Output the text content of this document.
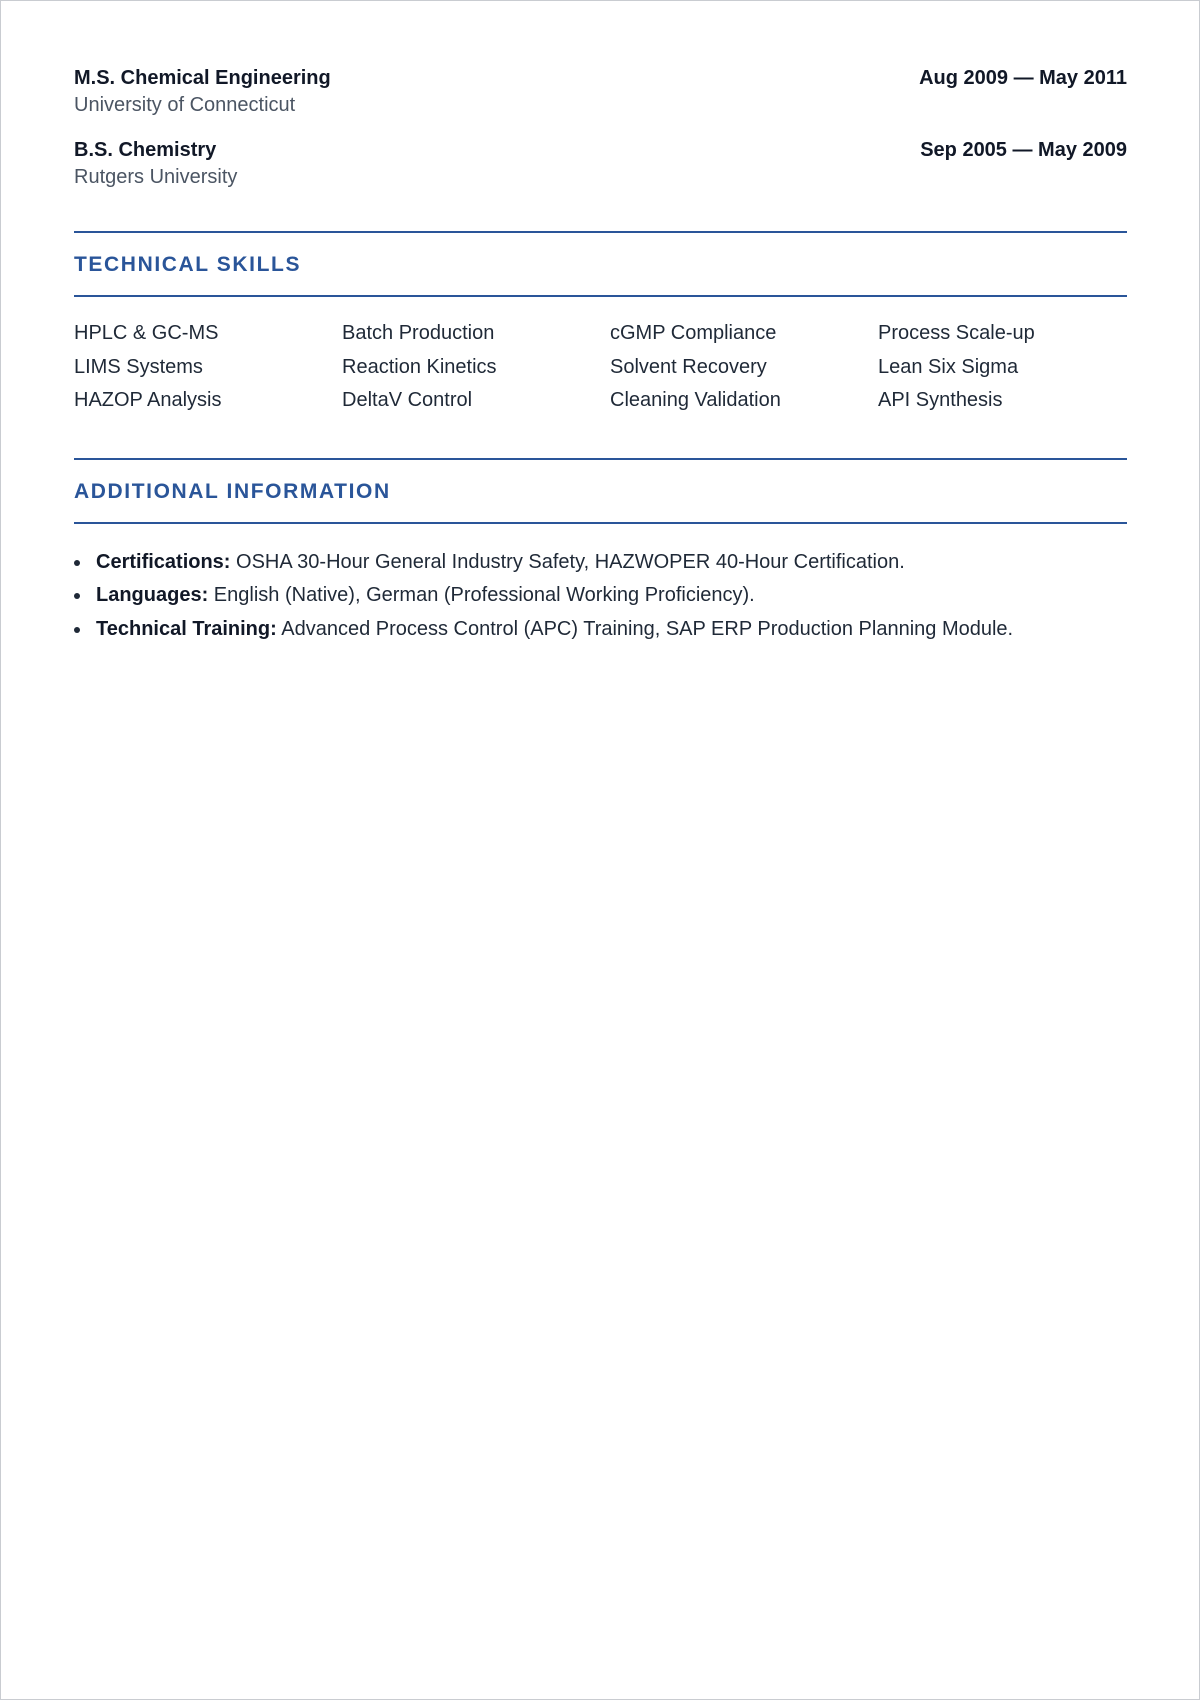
M.S. Chemical Engineering	Aug 2009 — May 2011
University of Connecticut
B.S. Chemistry	Sep 2005 — May 2009
Rutgers University
TECHNICAL SKILLS
HPLC & GC-MS	Batch Production	cGMP Compliance	Process Scale-up
LIMS Systems	Reaction Kinetics	Solvent Recovery	Lean Six Sigma
HAZOP Analysis	DeltaV Control	Cleaning Validation	API Synthesis
ADDITIONAL INFORMATION
Certifications: OSHA 30-Hour General Industry Safety, HAZWOPER 40-Hour Certification.
Languages: English (Native), German (Professional Working Proficiency).
Technical Training: Advanced Process Control (APC) Training, SAP ERP Production Planning Module.
